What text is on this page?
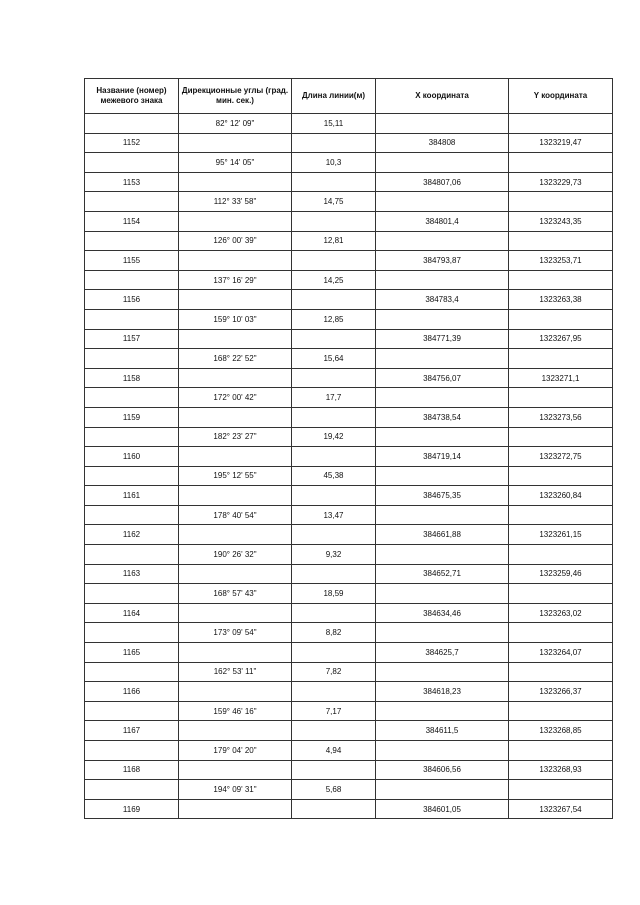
Название (номер) межевого знака	Дирекционные углы (град. мин. сек.)	Длина линии(м)	X координата	Y координата
	82° 12' 09"	15,11		
1152			384808	1323219,47
	95° 14' 05"	10,3		
1153			384807,06	1323229,73
	112° 33' 58"	14,75		
1154			384801,4	1323243,35
	126° 00' 39"	12,81		
1155			384793,87	1323253,71
	137° 16' 29"	14,25		
1156			384783,4	1323263,38
	159° 10' 03"	12,85		
1157			384771,39	1323267,95
	168° 22' 52"	15,64		
1158			384756,07	1323271,1
	172° 00' 42"	17,7		
1159			384738,54	1323273,56
	182° 23' 27"	19,42		
1160			384719,14	1323272,75
	195° 12' 55"	45,38		
1161			384675,35	1323260,84
	178° 40' 54"	13,47		
1162			384661,88	1323261,15
	190° 26' 32"	9,32		
1163			384652,71	1323259,46
	168° 57' 43"	18,59		
1164			384634,46	1323263,02
	173° 09' 54"	8,82		
1165			384625,7	1323264,07
	162° 53' 11"	7,82		
1166			384618,23	1323266,37
	159° 46' 16"	7,17		
1167			384611,5	1323268,85
	179° 04' 20"	4,94		
1168			384606,56	1323268,93
	194° 09' 31"	5,68		
1169			384601,05	1323267,54
